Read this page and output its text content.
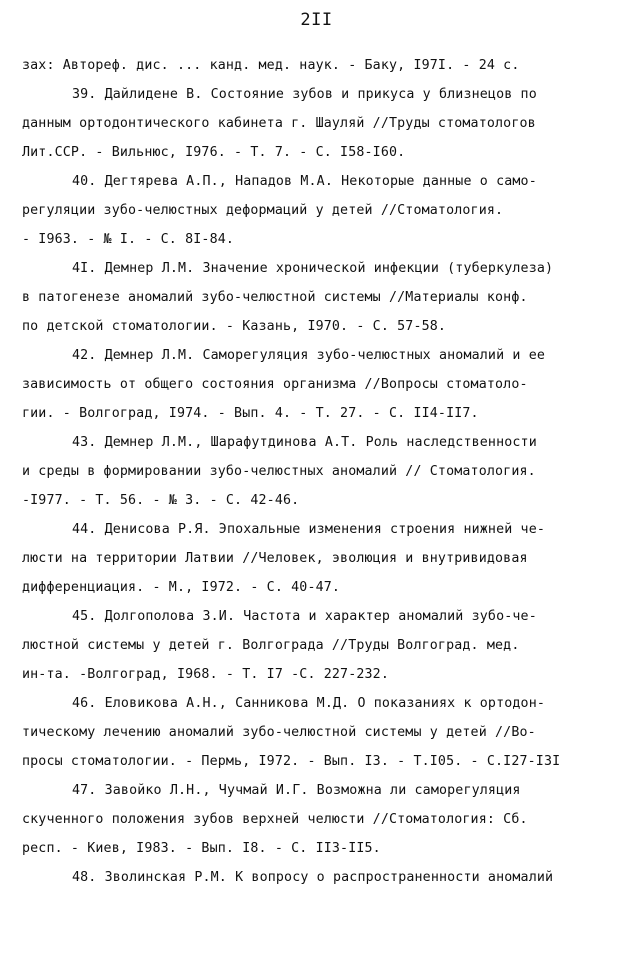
2II
зах: Автореф. дис. ... канд. мед. наук. - Баку, I97I. - 24 с.
39. Дайлидене В. Состояние зубов и прикуса у близнецов по
данным ортодонтического кабинета г. Шауляй //Труды стоматологов
Лит.ССР. - Вильнюс, I976. - Т. 7. - С. I58-I60.
40. Дегтярева А.П., Нападов М.А. Некоторые данные о само-
регуляции зубо-челюстных деформаций у детей //Стоматология.
- I963. - № I. - С. 8I-84.
4I. Демнер Л.М. Значение хронической инфекции (туберкулеза)
в патогенезе аномалий зубо-челюстной системы //Материалы конф.
по детской стоматологии. - Казань, I970. - С. 57-58.
42. Демнер Л.М. Саморегуляция зубо-челюстных аномалий и ее
зависимость от общего состояния организма //Вопросы стоматоло-
гии. - Волгоград, I974. - Вып. 4. - Т. 27. - С. II4-II7.
43. Демнер Л.М., Шарафутдинова А.Т. Роль наследственности
и среды в формировании зубо-челюстных аномалий // Стоматология.
-I977. - Т. 56. - № 3. - С. 42-46.
44. Денисова Р.Я. Эпохальные изменения строения нижней че-
люсти на территории Латвии //Человек, эволюция и внутривидовая
дифференциация. - М., I972. - С. 40-47.
45. Долгополова З.И. Частота и характер аномалий зубо-че-
люстной системы у детей г. Волгограда //Труды Волгоград. мед.
ин-та. -Волгоград, I968. - Т. I7 -С. 227-232.
46. Еловикова А.Н., Санникова М.Д. О показаниях к ортодон-
тическому лечению аномалий зубо-челюстной системы у детей //Во-
просы стоматологии. - Пермь, I972. - Вып. I3. - Т.I05. - С.I27-I3I
47. Завойко Л.Н., Чучмай И.Г. Возможна ли саморегуляция
скученного положения зубов верхней челюсти //Стоматология: Сб.
респ. - Киев, I983. - Вып. I8. - С. II3-II5.
48. Зволинская Р.М. К вопросу о распространенности аномалий
